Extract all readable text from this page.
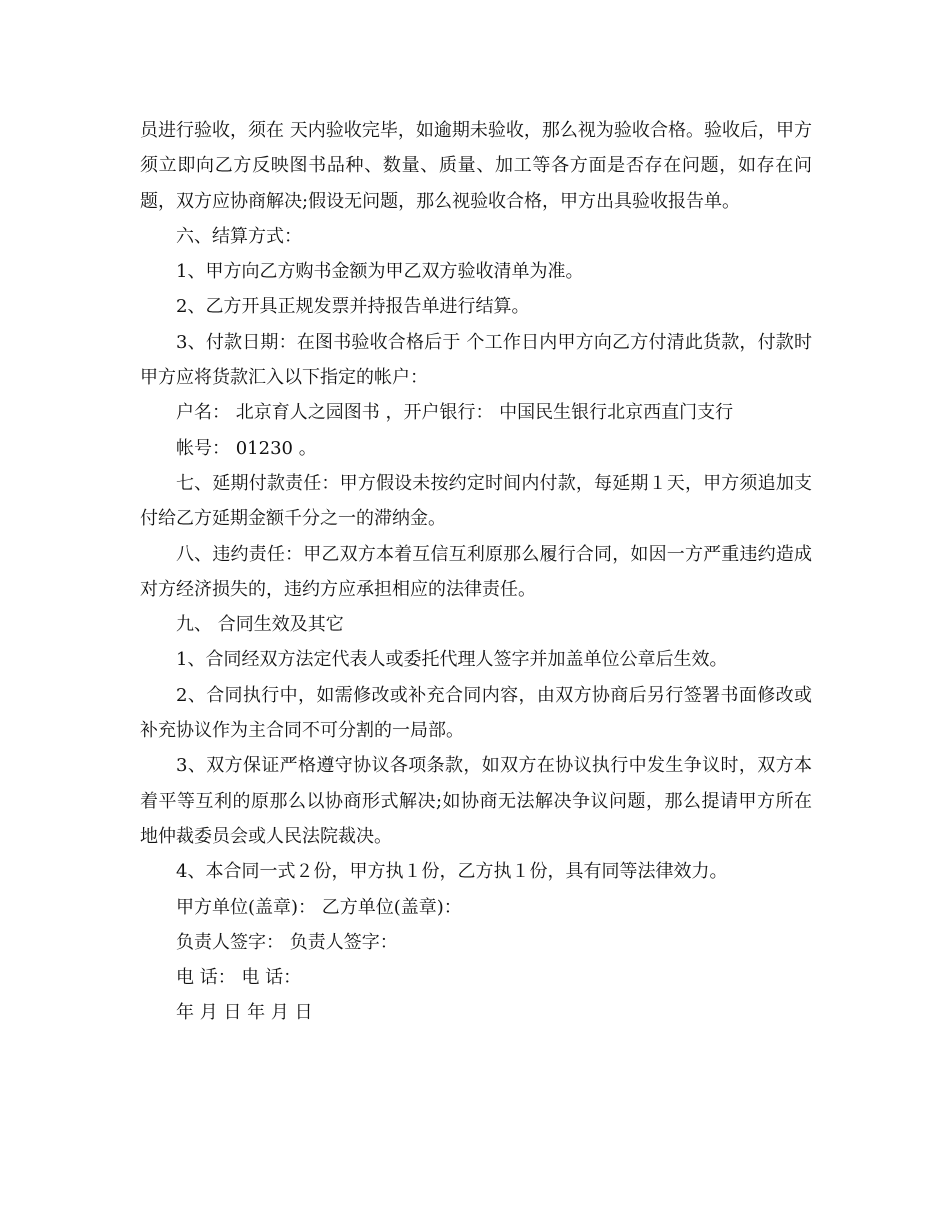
员进行验收，须在 天内验收完毕，如逾期未验收，那么视为验收合格。验收后，甲方须立即向乙方反映图书品种、数量、质量、加工等各方面是否存在问题，如存在问题，双方应协商解决;假设无问题，那么视验收合格，甲方出具验收报告单。

六、结算方式：

1、甲方向乙方购书金额为甲乙双方验收清单为准。

2、乙方开具正规发票并持报告单进行结算。

3、付款日期：在图书验收合格后于 个工作日内甲方向乙方付清此货款，付款时甲方应将货款汇入以下指定的帐户：

户名： 北京育人之园图书 ，开户银行： 中国民生银行北京西直门支行

帐号： 01230 。

七、延期付款责任：甲方假设未按约定时间内付款，每延期１天，甲方须追加支付给乙方延期金额千分之一的滞纳金。

八、违约责任：甲乙双方本着互信互利原那么履行合同，如因一方严重违约造成对方经济损失的，违约方应承担相应的法律责任。

九、 合同生效及其它

1、合同经双方法定代表人或委托代理人签字并加盖单位公章后生效。

2、合同执行中，如需修改或补充合同内容，由双方协商后另行签署书面修改或补充协议作为主合同不可分割的一局部。

3、双方保证严格遵守协议各项条款，如双方在协议执行中发生争议时，双方本着平等互利的原那么以协商形式解决;如协商无法解决争议问题，那么提请甲方所在地仲裁委员会或人民法院裁决。

4、本合同一式２份，甲方执１份，乙方执１份，具有同等法律效力。

甲方单位(盖章)： 乙方单位(盖章)：

负责人签字： 负责人签字：

电 话： 电 话：

年 月 日 年 月 日
